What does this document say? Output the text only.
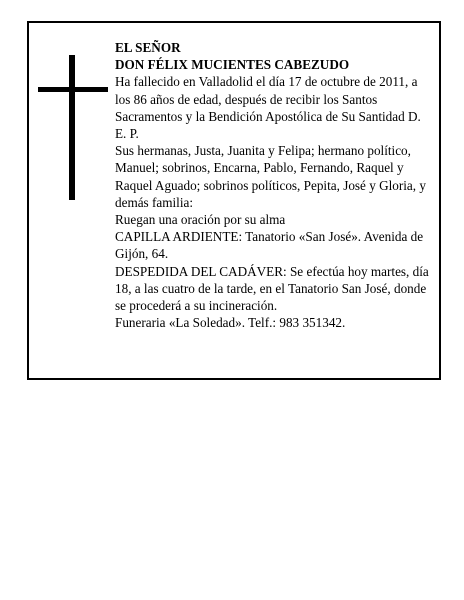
EL SEÑOR

DON FÉLIX MUCIENTES CABEZUDO

Ha fallecido en Valladolid el día 17 de octubre de 2011, a los 86 años de edad, después de recibir los Santos Sacramentos y la Bendición Apostólica de Su Santidad D. E. P.

Sus hermanas, Justa, Juanita y Felipa; hermano político, Manuel; sobrinos, Encarna, Pablo, Fernando, Raquel y Raquel Aguado; sobrinos políticos, Pepita, José y Gloria, y demás familia:

Ruegan una oración por su alma

CAPILLA ARDIENTE: Tanatorio «San José». Avenida de Gijón, 64.

DESPEDIDA DEL CADÁVER: Se efectúa hoy martes, día 18, a las cuatro de la tarde, en el Tanatorio San José, donde se procederá a su incineración.

Funeraria «La Soledad». Telf.: 983 351342.
